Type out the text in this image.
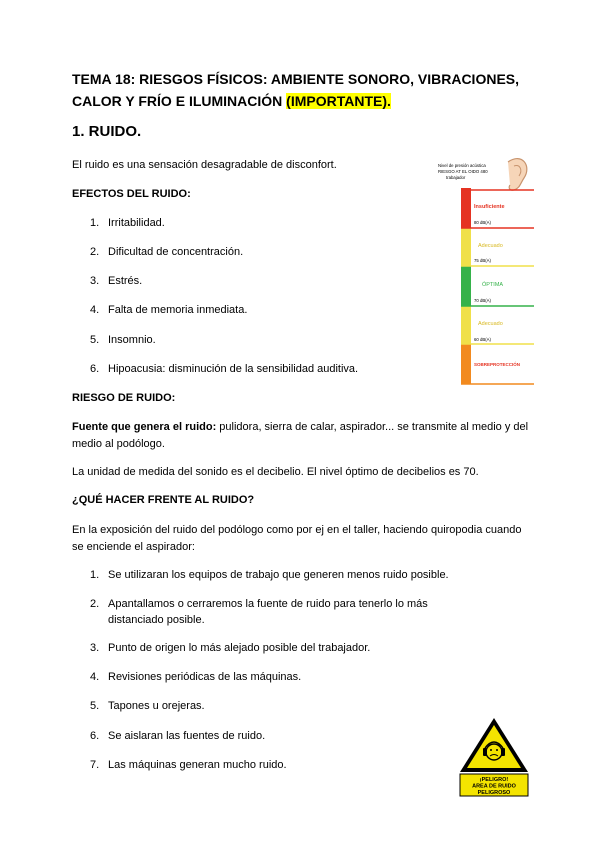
TEMA 18: RIESGOS FÍSICOS: AMBIENTE SONORO, VIBRACIONES, CALOR Y FRÍO E ILUMINACIÓN (IMPORTANTE).
1. RUIDO.

El ruido es una sensación desagradable de disconfort.

EFECTOS DEL RUIDO:

1. Irritabilidad.

2. Dificultad de concentración.

3. Estrés.

4. Falta de memoria inmediata.

5. Insomnio.

6. Hipoacusia: disminución de la sensibilidad auditiva.

RIESGO DE RUIDO:

Fuente que genera el ruido: pulidora, sierra de calar, aspirador... se transmite al medio y del medio al podólogo.

La unidad de medida del sonido es el decibelio. El nivel óptimo de decibelios es 70.

¿QUÉ HACER FRENTE AL RUIDO?

En la exposición del ruido del podólogo como por ej en el taller, haciendo quiropodia cuando se enciende el aspirador:

1. Se utilizaran los equipos de trabajo que generen menos ruido posible.

2. Apantallamos o cerraremos la fuente de ruido para tenerlo lo más distanciado posible.

3. Punto de origen lo más alejado posible del trabajador.

4. Revisiones periódicas de las máquinas.

5. Tapones u orejeras.

6. Se aislaran las fuentes de ruido.

7. Las máquinas generan mucho ruido.

Nivel de presión acústica
RIESGO AT EL OIDO 480
trabajador
Insuficiente
80 dB(A)
Adecuado
75 dB(A)
ÓPTIMA
70 dB(A)
Adecuado
60 dB(A)
SOBREPROTECCIÓN
¡PELIGRO!
AREA DE RUIDO
PELIGROSO
